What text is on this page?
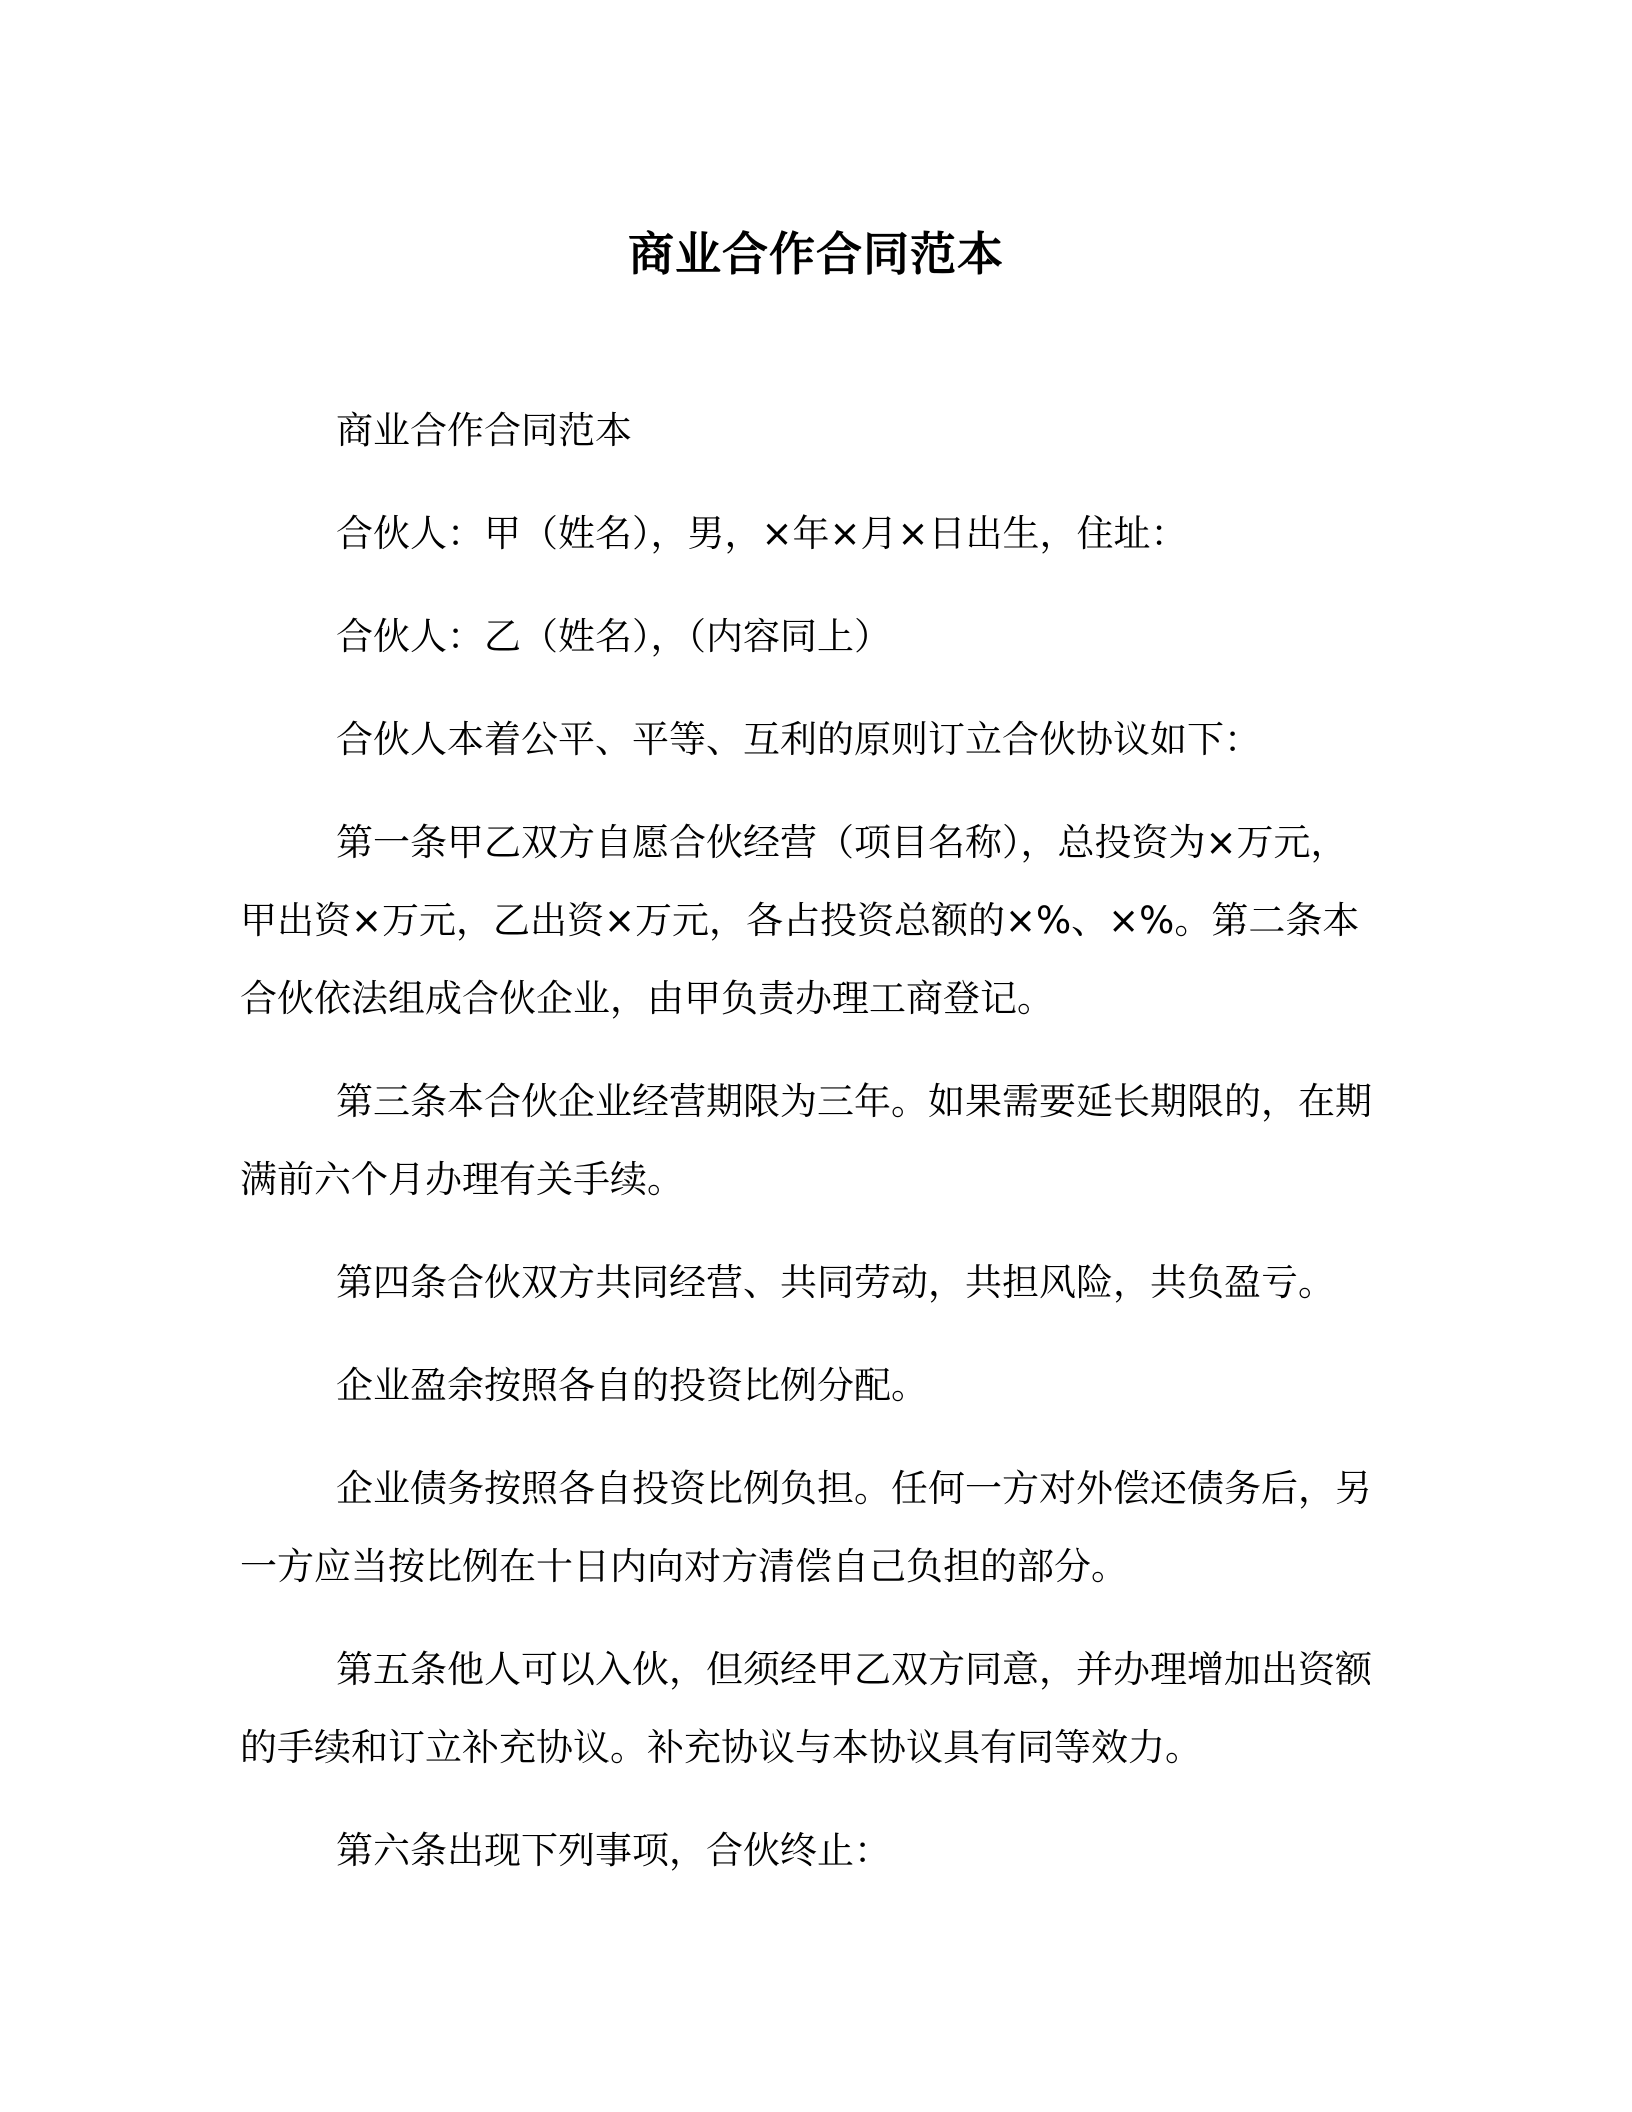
商业合作合同范本

商业合作合同范本

合伙人：甲（姓名），男，×年×月×日出生，住址：

合伙人：乙（姓名），（内容同上）

合伙人本着公平、平等、互利的原则订立合伙协议如下：

第一条甲乙双方自愿合伙经营（项目名称），总投资为×万元，甲出资×万元，乙出资×万元，各占投资总额的×%、×%。第二条本合伙依法组成合伙企业，由甲负责办理工商登记。

第三条本合伙企业经营期限为三年。如果需要延长期限的，在期满前六个月办理有关手续。

第四条合伙双方共同经营、共同劳动，共担风险，共负盈亏。

企业盈余按照各自的投资比例分配。

企业债务按照各自投资比例负担。任何一方对外偿还债务后，另一方应当按比例在十日内向对方清偿自己负担的部分。

第五条他人可以入伙，但须经甲乙双方同意，并办理增加出资额的手续和订立补充协议。补充协议与本协议具有同等效力。

第六条出现下列事项，合伙终止：
